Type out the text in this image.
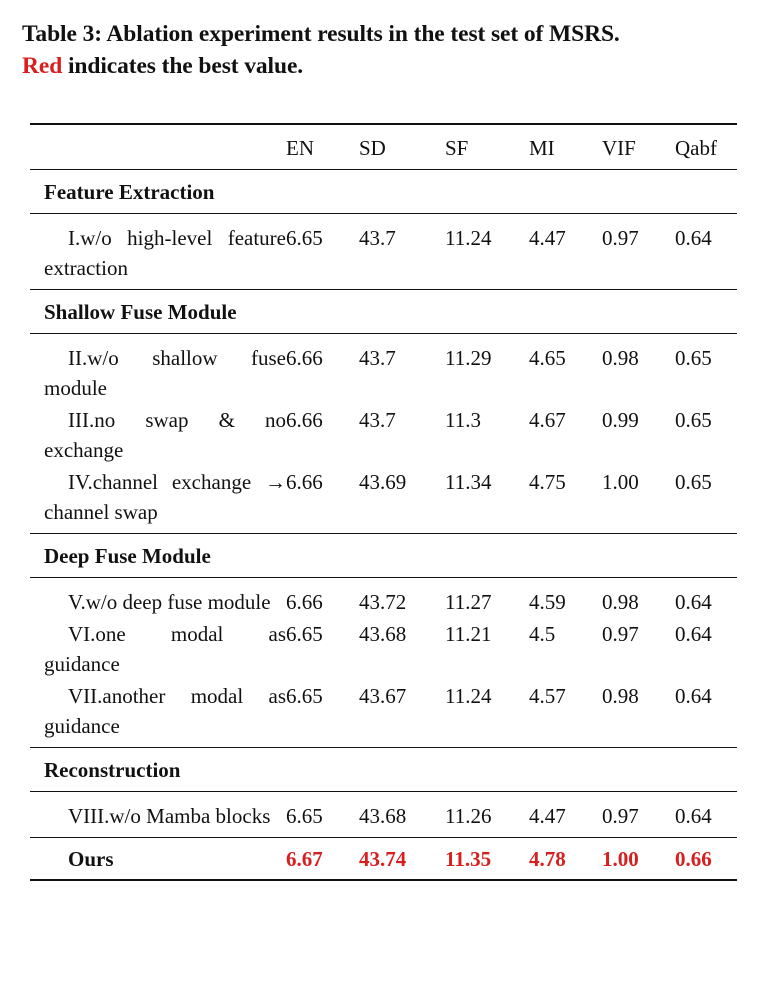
Table 3: Ablation experiment results in the test set of MSRS.
Red indicates the best value.
	EN	SD	SF	MI	VIF	Qabf
Feature Extraction						

I.w/o high-level feature extraction	6.65	43.7	11.24	4.47	0.97	0.64
Shallow Fuse Module						

II.w/o shallow fuse module	6.66	43.7	11.29	4.65	0.98	0.65

III.no swap & no exchange	6.66	43.7	11.3	4.67	0.99	0.65

IV.channel exchange → channel swap	6.66	43.69	11.34	4.75	1.00	0.65
Deep Fuse Module						

V.w/o deep fuse module	6.66	43.72	11.27	4.59	0.98	0.64

VI.one modal as guidance	6.65	43.68	11.21	4.5	0.97	0.64

VII.another modal as guidance	6.65	43.67	11.24	4.57	0.98	0.64
Reconstruction						

VIII.w/o Mamba blocks	6.65	43.68	11.26	4.47	0.97	0.64
Ours	6.67	43.74	11.35	4.78	1.00	0.66
